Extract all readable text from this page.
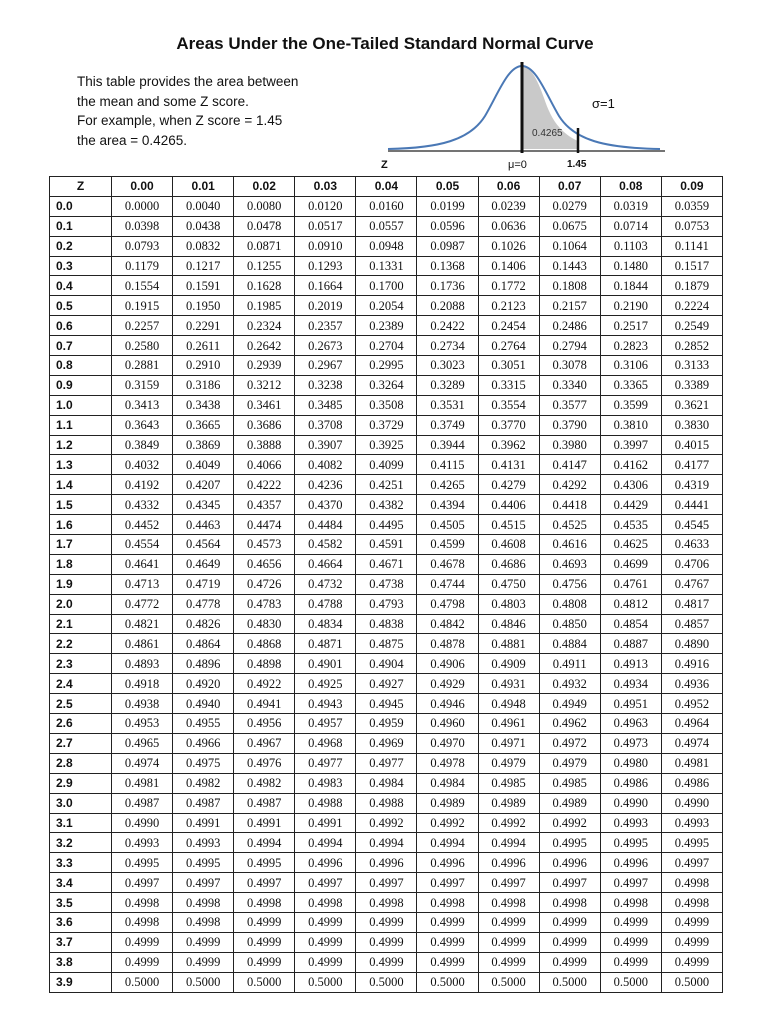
Areas Under the One-Tailed Standard Normal Curve
This table provides the area between
the mean and some Z score.
For example, when Z score = 1.45
the area = 0.4265.	0.4265
σ=1
Z	μ=0	1.45
Z	0.00	0.01	0.02	0.03	0.04	0.05	0.06	0.07	0.08	0.09
0.0	0.0000	0.0040	0.0080	0.0120	0.0160	0.0199	0.0239	0.0279	0.0319	0.0359
0.1	0.0398	0.0438	0.0478	0.0517	0.0557	0.0596	0.0636	0.0675	0.0714	0.0753
0.2	0.0793	0.0832	0.0871	0.0910	0.0948	0.0987	0.1026	0.1064	0.1103	0.1141
0.3	0.1179	0.1217	0.1255	0.1293	0.1331	0.1368	0.1406	0.1443	0.1480	0.1517
0.4	0.1554	0.1591	0.1628	0.1664	0.1700	0.1736	0.1772	0.1808	0.1844	0.1879
0.5	0.1915	0.1950	0.1985	0.2019	0.2054	0.2088	0.2123	0.2157	0.2190	0.2224
0.6	0.2257	0.2291	0.2324	0.2357	0.2389	0.2422	0.2454	0.2486	0.2517	0.2549
0.7	0.2580	0.2611	0.2642	0.2673	0.2704	0.2734	0.2764	0.2794	0.2823	0.2852
0.8	0.2881	0.2910	0.2939	0.2967	0.2995	0.3023	0.3051	0.3078	0.3106	0.3133
0.9	0.3159	0.3186	0.3212	0.3238	0.3264	0.3289	0.3315	0.3340	0.3365	0.3389
1.0	0.3413	0.3438	0.3461	0.3485	0.3508	0.3531	0.3554	0.3577	0.3599	0.3621
1.1	0.3643	0.3665	0.3686	0.3708	0.3729	0.3749	0.3770	0.3790	0.3810	0.3830
1.2	0.3849	0.3869	0.3888	0.3907	0.3925	0.3944	0.3962	0.3980	0.3997	0.4015
1.3	0.4032	0.4049	0.4066	0.4082	0.4099	0.4115	0.4131	0.4147	0.4162	0.4177
1.4	0.4192	0.4207	0.4222	0.4236	0.4251	0.4265	0.4279	0.4292	0.4306	0.4319
1.5	0.4332	0.4345	0.4357	0.4370	0.4382	0.4394	0.4406	0.4418	0.4429	0.4441
1.6	0.4452	0.4463	0.4474	0.4484	0.4495	0.4505	0.4515	0.4525	0.4535	0.4545
1.7	0.4554	0.4564	0.4573	0.4582	0.4591	0.4599	0.4608	0.4616	0.4625	0.4633
1.8	0.4641	0.4649	0.4656	0.4664	0.4671	0.4678	0.4686	0.4693	0.4699	0.4706
1.9	0.4713	0.4719	0.4726	0.4732	0.4738	0.4744	0.4750	0.4756	0.4761	0.4767
2.0	0.4772	0.4778	0.4783	0.4788	0.4793	0.4798	0.4803	0.4808	0.4812	0.4817
2.1	0.4821	0.4826	0.4830	0.4834	0.4838	0.4842	0.4846	0.4850	0.4854	0.4857
2.2	0.4861	0.4864	0.4868	0.4871	0.4875	0.4878	0.4881	0.4884	0.4887	0.4890
2.3	0.4893	0.4896	0.4898	0.4901	0.4904	0.4906	0.4909	0.4911	0.4913	0.4916
2.4	0.4918	0.4920	0.4922	0.4925	0.4927	0.4929	0.4931	0.4932	0.4934	0.4936
2.5	0.4938	0.4940	0.4941	0.4943	0.4945	0.4946	0.4948	0.4949	0.4951	0.4952
2.6	0.4953	0.4955	0.4956	0.4957	0.4959	0.4960	0.4961	0.4962	0.4963	0.4964
2.7	0.4965	0.4966	0.4967	0.4968	0.4969	0.4970	0.4971	0.4972	0.4973	0.4974
2.8	0.4974	0.4975	0.4976	0.4977	0.4977	0.4978	0.4979	0.4979	0.4980	0.4981
2.9	0.4981	0.4982	0.4982	0.4983	0.4984	0.4984	0.4985	0.4985	0.4986	0.4986
3.0	0.4987	0.4987	0.4987	0.4988	0.4988	0.4989	0.4989	0.4989	0.4990	0.4990
3.1	0.4990	0.4991	0.4991	0.4991	0.4992	0.4992	0.4992	0.4992	0.4993	0.4993
3.2	0.4993	0.4993	0.4994	0.4994	0.4994	0.4994	0.4994	0.4995	0.4995	0.4995
3.3	0.4995	0.4995	0.4995	0.4996	0.4996	0.4996	0.4996	0.4996	0.4996	0.4997
3.4	0.4997	0.4997	0.4997	0.4997	0.4997	0.4997	0.4997	0.4997	0.4997	0.4998
3.5	0.4998	0.4998	0.4998	0.4998	0.4998	0.4998	0.4998	0.4998	0.4998	0.4998
3.6	0.4998	0.4998	0.4999	0.4999	0.4999	0.4999	0.4999	0.4999	0.4999	0.4999
3.7	0.4999	0.4999	0.4999	0.4999	0.4999	0.4999	0.4999	0.4999	0.4999	0.4999
3.8	0.4999	0.4999	0.4999	0.4999	0.4999	0.4999	0.4999	0.4999	0.4999	0.4999
3.9	0.5000	0.5000	0.5000	0.5000	0.5000	0.5000	0.5000	0.5000	0.5000	0.5000
